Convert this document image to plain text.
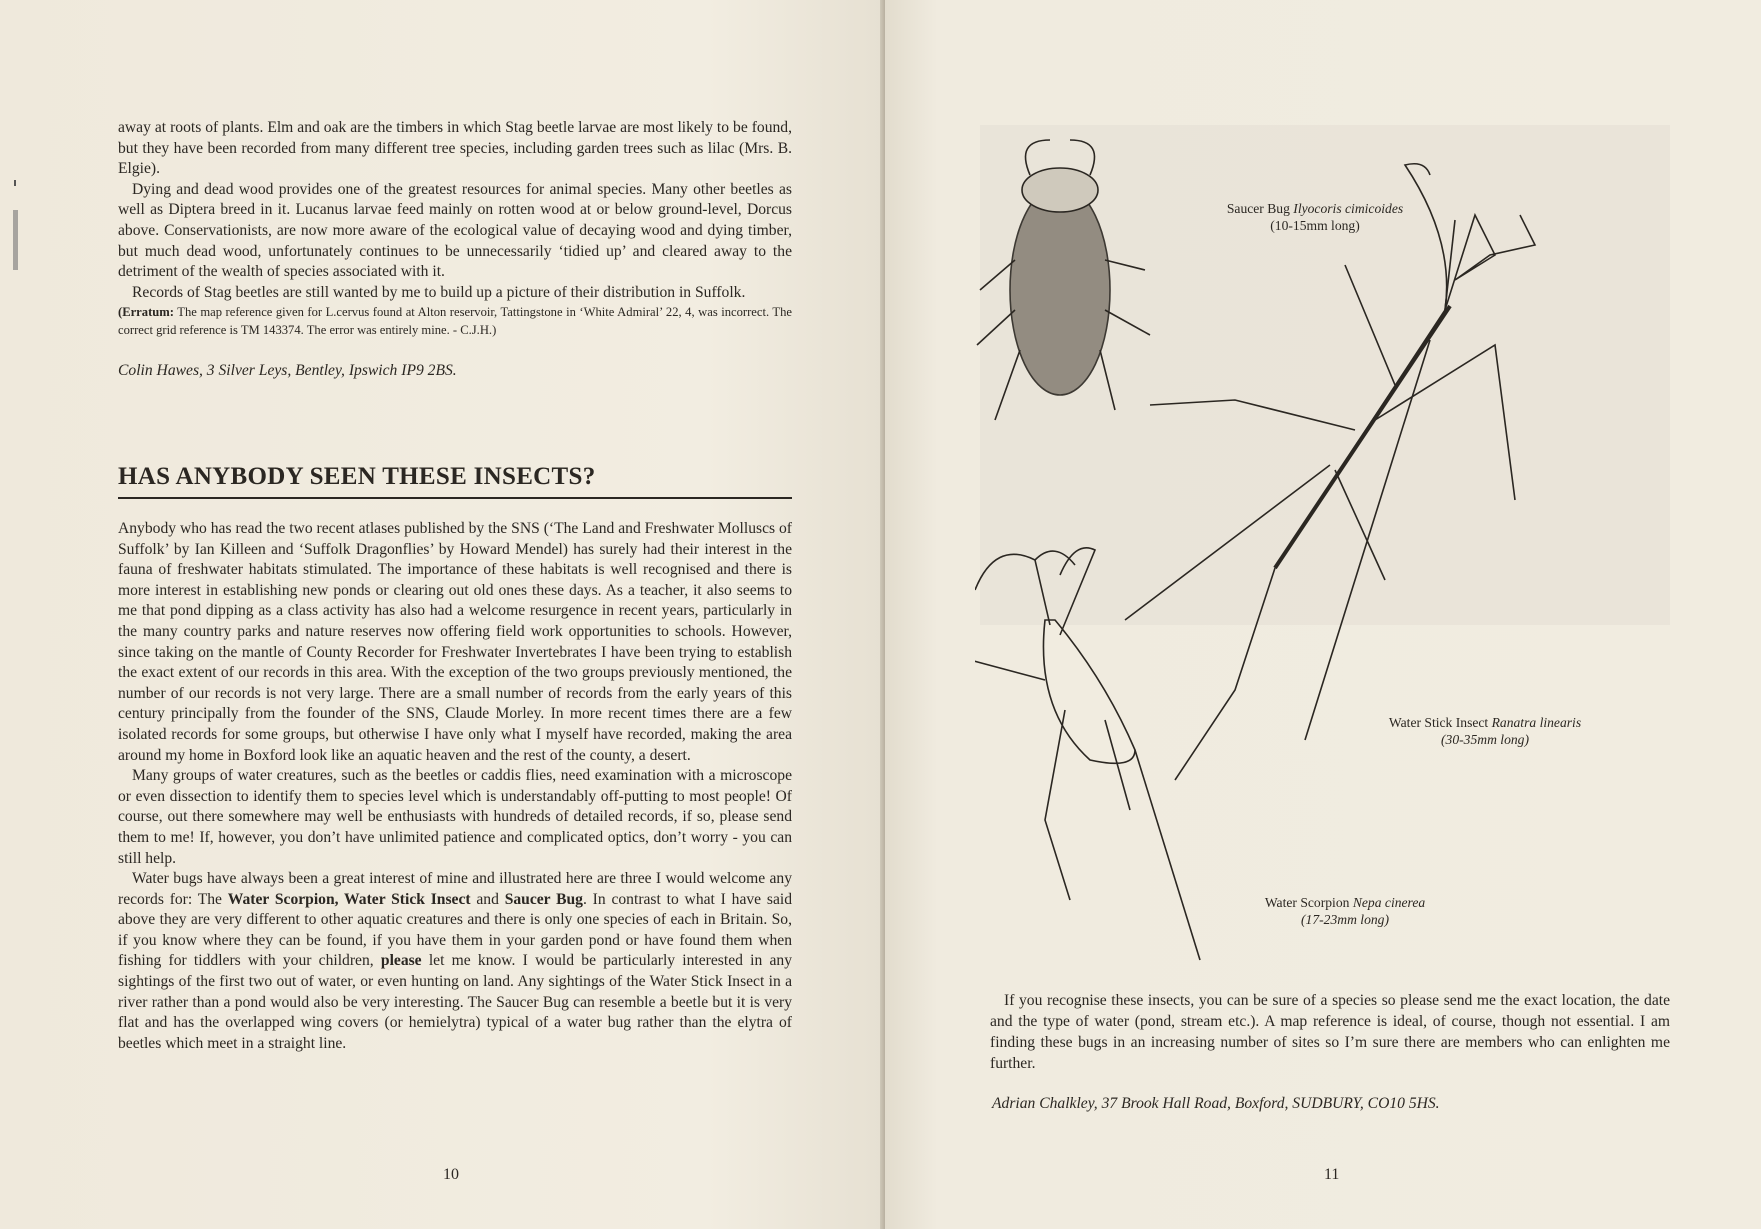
away at roots of plants. Elm and oak are the timbers in which Stag beetle larvae are most likely to be found, but they have been recorded from many different tree species, including garden trees such as lilac (Mrs. B. Elgie).

Dying and dead wood provides one of the greatest resources for animal species. Many other beetles as well as Diptera breed in it. Lucanus larvae feed mainly on rotten wood at or below ground-level, Dorcus above. Conservationists, are now more aware of the ecological value of decaying wood and dying timber, but much dead wood, unfortunately continues to be unnecessarily ‘tidied up’ and cleared away to the detriment of the wealth of species associated with it.

Records of Stag beetles are still wanted by me to build up a picture of their distribution in Suffolk.

(Erratum: The map reference given for L.cervus found at Alton reservoir, Tattingstone in ‘White Admiral’ 22, 4, was incorrect. The correct grid reference is TM 143374. The error was entirely mine. - C.J.H.)

Colin Hawes, 3 Silver Leys, Bentley, Ipswich IP9 2BS.

HAS ANYBODY SEEN THESE INSECTS?

Anybody who has read the two recent atlases published by the SNS (‘The Land and Freshwater Molluscs of Suffolk’ by Ian Killeen and ‘Suffolk Dragonflies’ by Howard Mendel) has surely had their interest in the fauna of freshwater habitats stimulated. The importance of these habitats is well recognised and there is more interest in establishing new ponds or clearing out old ones these days. As a teacher, it also seems to me that pond dipping as a class activity has also had a welcome resurgence in recent years, particularly in the many country parks and nature reserves now offering field work opportunities to schools. However, since taking on the mantle of County Recorder for Freshwater Invertebrates I have been trying to establish the exact extent of our records in this area. With the exception of the two groups previously mentioned, the number of our records is not very large. There are a small number of records from the early years of this century principally from the founder of the SNS, Claude Morley. In more recent times there are a few isolated records for some groups, but otherwise I have only what I myself have recorded, making the area around my home in Boxford look like an aquatic heaven and the rest of the county, a desert.

Many groups of water creatures, such as the beetles or caddis flies, need examination with a microscope or even dissection to identify them to species level which is understandably off-putting to most people! Of course, out there somewhere may well be enthusiasts with hundreds of detailed records, if so, please send them to me! If, however, you don’t have unlimited patience and complicated optics, don’t worry - you can still help.

Water bugs have always been a great interest of mine and illustrated here are three I would welcome any records for: The Water Scorpion, Water Stick Insect and Saucer Bug. In contrast to what I have said above they are very different to other aquatic creatures and there is only one species of each in Britain. So, if you know where they can be found, if you have them in your garden pond or have found them when fishing for tiddlers with your children, please let me know. I would be particularly interested in any sightings of the first two out of water, or even hunting on land. Any sightings of the Water Stick Insect in a river rather than a pond would also be very interesting. The Saucer Bug can resemble a beetle but it is very flat and has the overlapped wing covers (or hemielytra) typical of a water bug rather than the elytra of beetles which meet in a straight line.

10
Saucer Bug Ilyocoris cimicoides
(10-15mm long)
Water Stick Insect Ranatra linearis
(30-35mm long)
Water Scorpion Nepa cinerea
(17-23mm long)

If you recognise these insects, you can be sure of a species so please send me the exact location, the date and the type of water (pond, stream etc.). A map reference is ideal, of course, though not essential. I am finding these bugs in an increasing number of sites so I’m sure there are members who can enlighten me further.

Adrian Chalkley, 37 Brook Hall Road, Boxford, SUDBURY, CO10 5HS.
11
